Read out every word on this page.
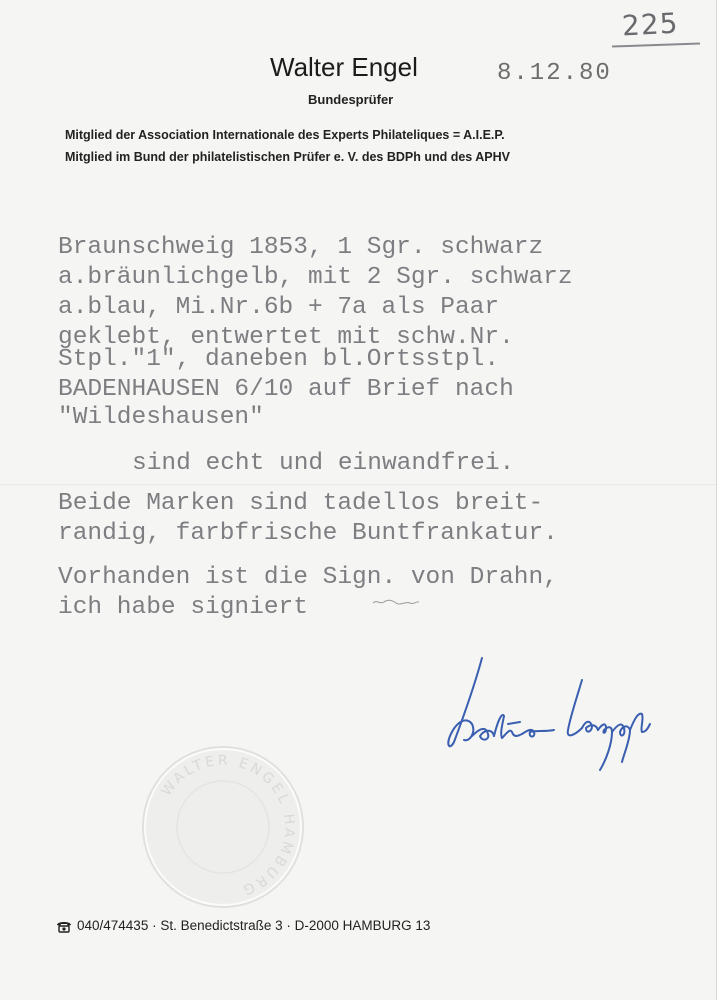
225
Walter Engel	8.12.80
Bundesprüfer
Mitglied der Association Internationale des Experts Philateliques = A.I.E.P.
Mitglied im Bund der philatelistischen Prüfer e. V. des BDPh und des APHV
Braunschweig 1853, 1 Sgr. schwarz
a.bräunlichgelb, mit 2 Sgr. schwarz
a.blau, Mi.Nr.6b + 7a als Paar
geklebt, entwertet mit schw.Nr.
Stpl."1", daneben bl.Ortsstpl.
BADENHAUSEN 6/10 auf Brief nach
"Wildeshausen"
sind echt und einwandfrei.
Beide Marken sind tadellos breit-
randig, farbfrische Buntfrankatur.
Vorhanden ist die Sign. von Drahn,
ich habe signiert
WALTER ENGEL HAMBURG
040/474435 · St. Benedictstraße 3 · D-2000 HAMBURG 13
